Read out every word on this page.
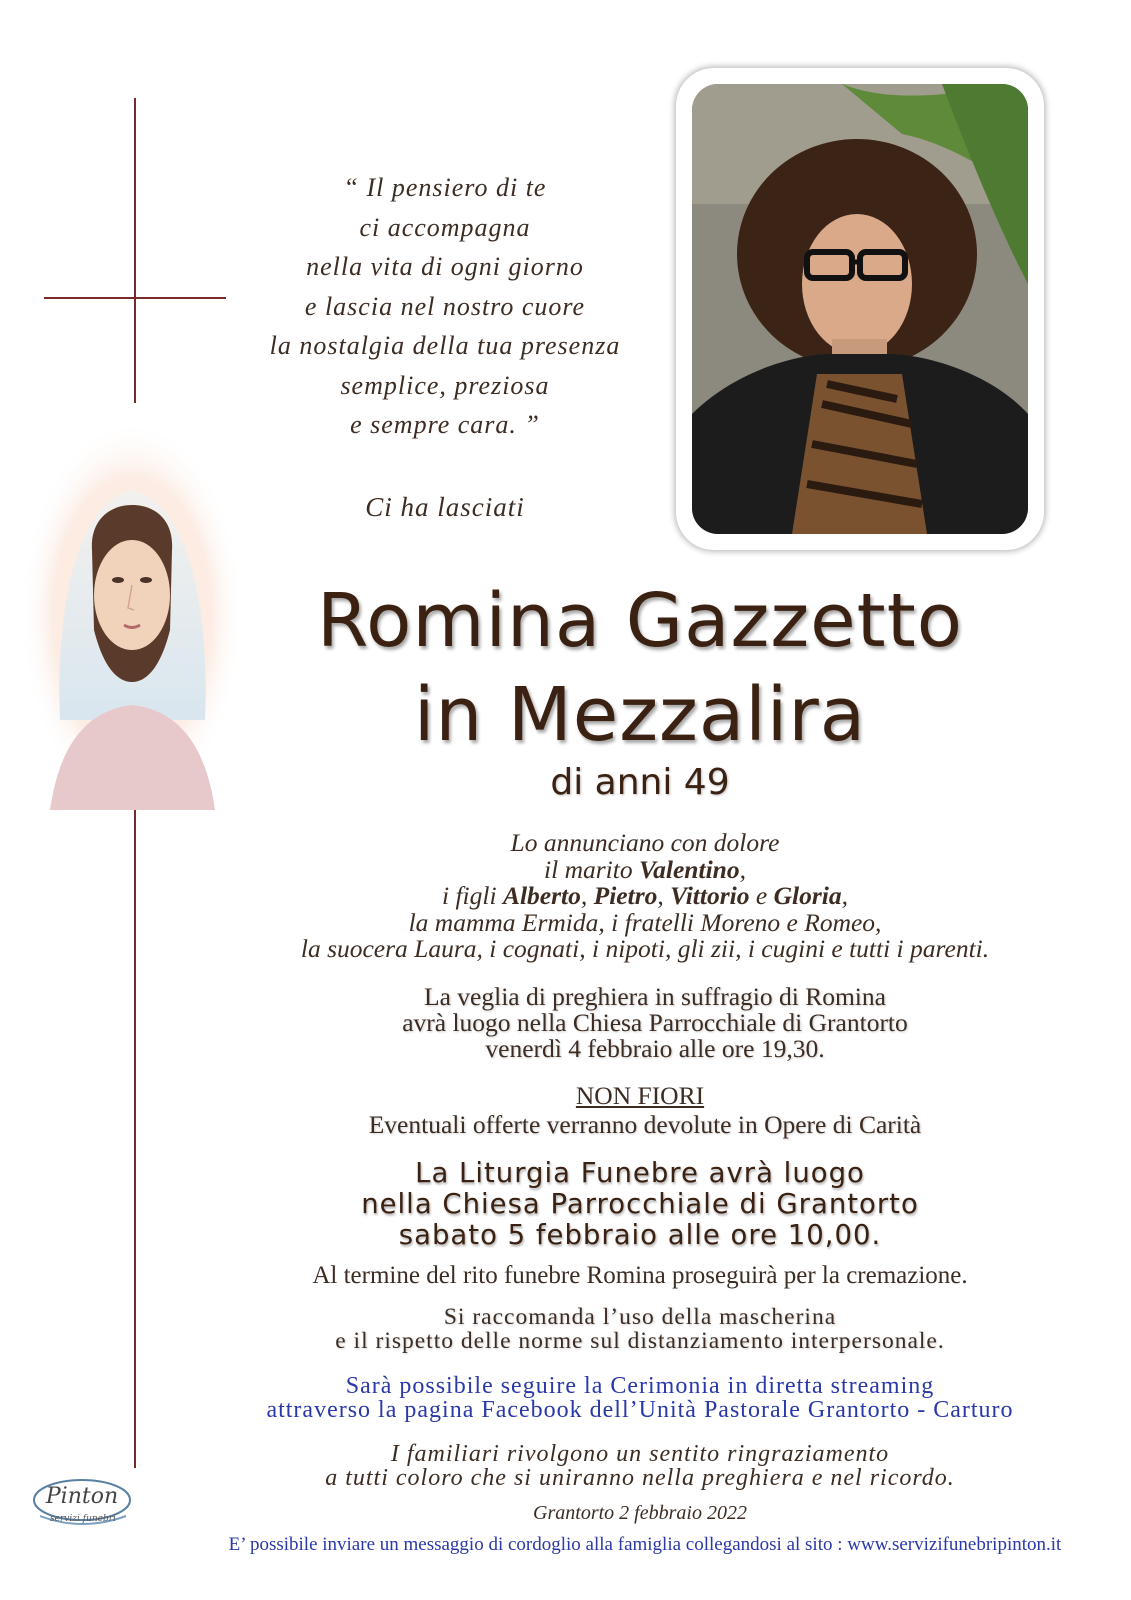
“ Il pensiero di te
ci accompagna
nella vita di ogni giorno
e lascia nel nostro cuore
la nostalgia della tua presenza
semplice, preziosa
e sempre cara. ”
Ci ha lasciati
Romina Gazzetto
in Mezzalira
di anni 49
Lo annunciano con dolore
il marito Valentino,
i figli Alberto, Pietro, Vittorio e Gloria,
la mamma Ermida, i fratelli Moreno e Romeo,
la suocera Laura, i cognati, i nipoti, gli zii, i cugini e tutti i parenti.
La veglia di preghiera in suffragio di Romina
avrà luogo nella Chiesa Parrocchiale di Grantorto
venerdì 4 febbraio alle ore 19,30.
NON FIORI
Eventuali offerte verranno devolute in Opere di Carità
La Liturgia Funebre avrà luogo
nella Chiesa Parrocchiale di Grantorto
sabato 5 febbraio alle ore 10,00.
Al termine del rito funebre Romina proseguirà per la cremazione.
Si raccomanda l’uso della mascherina
e il rispetto delle norme sul distanziamento interpersonale.
Sarà possibile seguire la Cerimonia in diretta streaming
attraverso la pagina Facebook dell’Unità Pastorale Grantorto - Carturo
I familiari rivolgono un sentito ringraziamento
a tutti coloro che si uniranno nella preghiera e nel ricordo.
Grantorto 2 febbraio 2022
Pinton
servizi funebri
E’ possibile inviare un messaggio di cordoglio alla famiglia collegandosi al sito : www.servizifunebripinton.it
